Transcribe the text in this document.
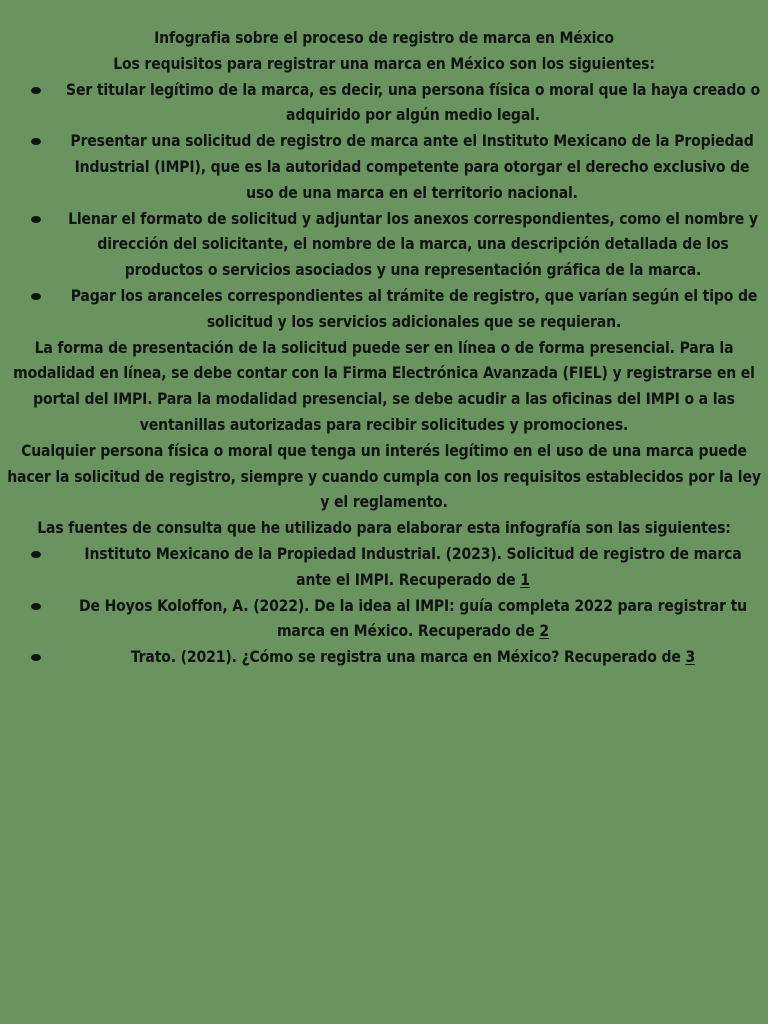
Infografia sobre el proceso de registro de marca en México
Los requisitos para registrar una marca en México son los siguientes:
Ser titular legítimo de la marca, es decir, una persona física o moral que la haya creado o adquirido por algún medio legal.
Presentar una solicitud de registro de marca ante el Instituto Mexicano de la Propiedad Industrial (IMPI), que es la autoridad competente para otorgar el derecho exclusivo de uso de una marca en el territorio nacional.
Llenar el formato de solicitud y adjuntar los anexos correspondientes, como el nombre y dirección del solicitante, el nombre de la marca, una descripción detallada de los productos o servicios asociados y una representación gráfica de la marca.
Pagar los aranceles correspondientes al trámite de registro, que varían según el tipo de solicitud y los servicios adicionales que se requieran.
La forma de presentación de la solicitud puede ser en línea o de forma presencial. Para la modalidad en línea, se debe contar con la Firma Electrónica Avanzada (FIEL) y registrarse en el portal del IMPI. Para la modalidad presencial, se debe acudir a las oficinas del IMPI o a las ventanillas autorizadas para recibir solicitudes y promociones.
Cualquier persona física o moral que tenga un interés legítimo en el uso de una marca puede hacer la solicitud de registro, siempre y cuando cumpla con los requisitos establecidos por la ley y el reglamento.
Las fuentes de consulta que he utilizado para elaborar esta infografía son las siguientes:
Instituto Mexicano de la Propiedad Industrial. (2023). Solicitud de registro de marca ante el IMPI. Recuperado de 1
De Hoyos Koloffon, A. (2022). De la idea al IMPI: guía completa 2022 para registrar tu marca en México. Recuperado de 2
Trato. (2021). ¿Cómo se registra una marca en México? Recuperado de 3
